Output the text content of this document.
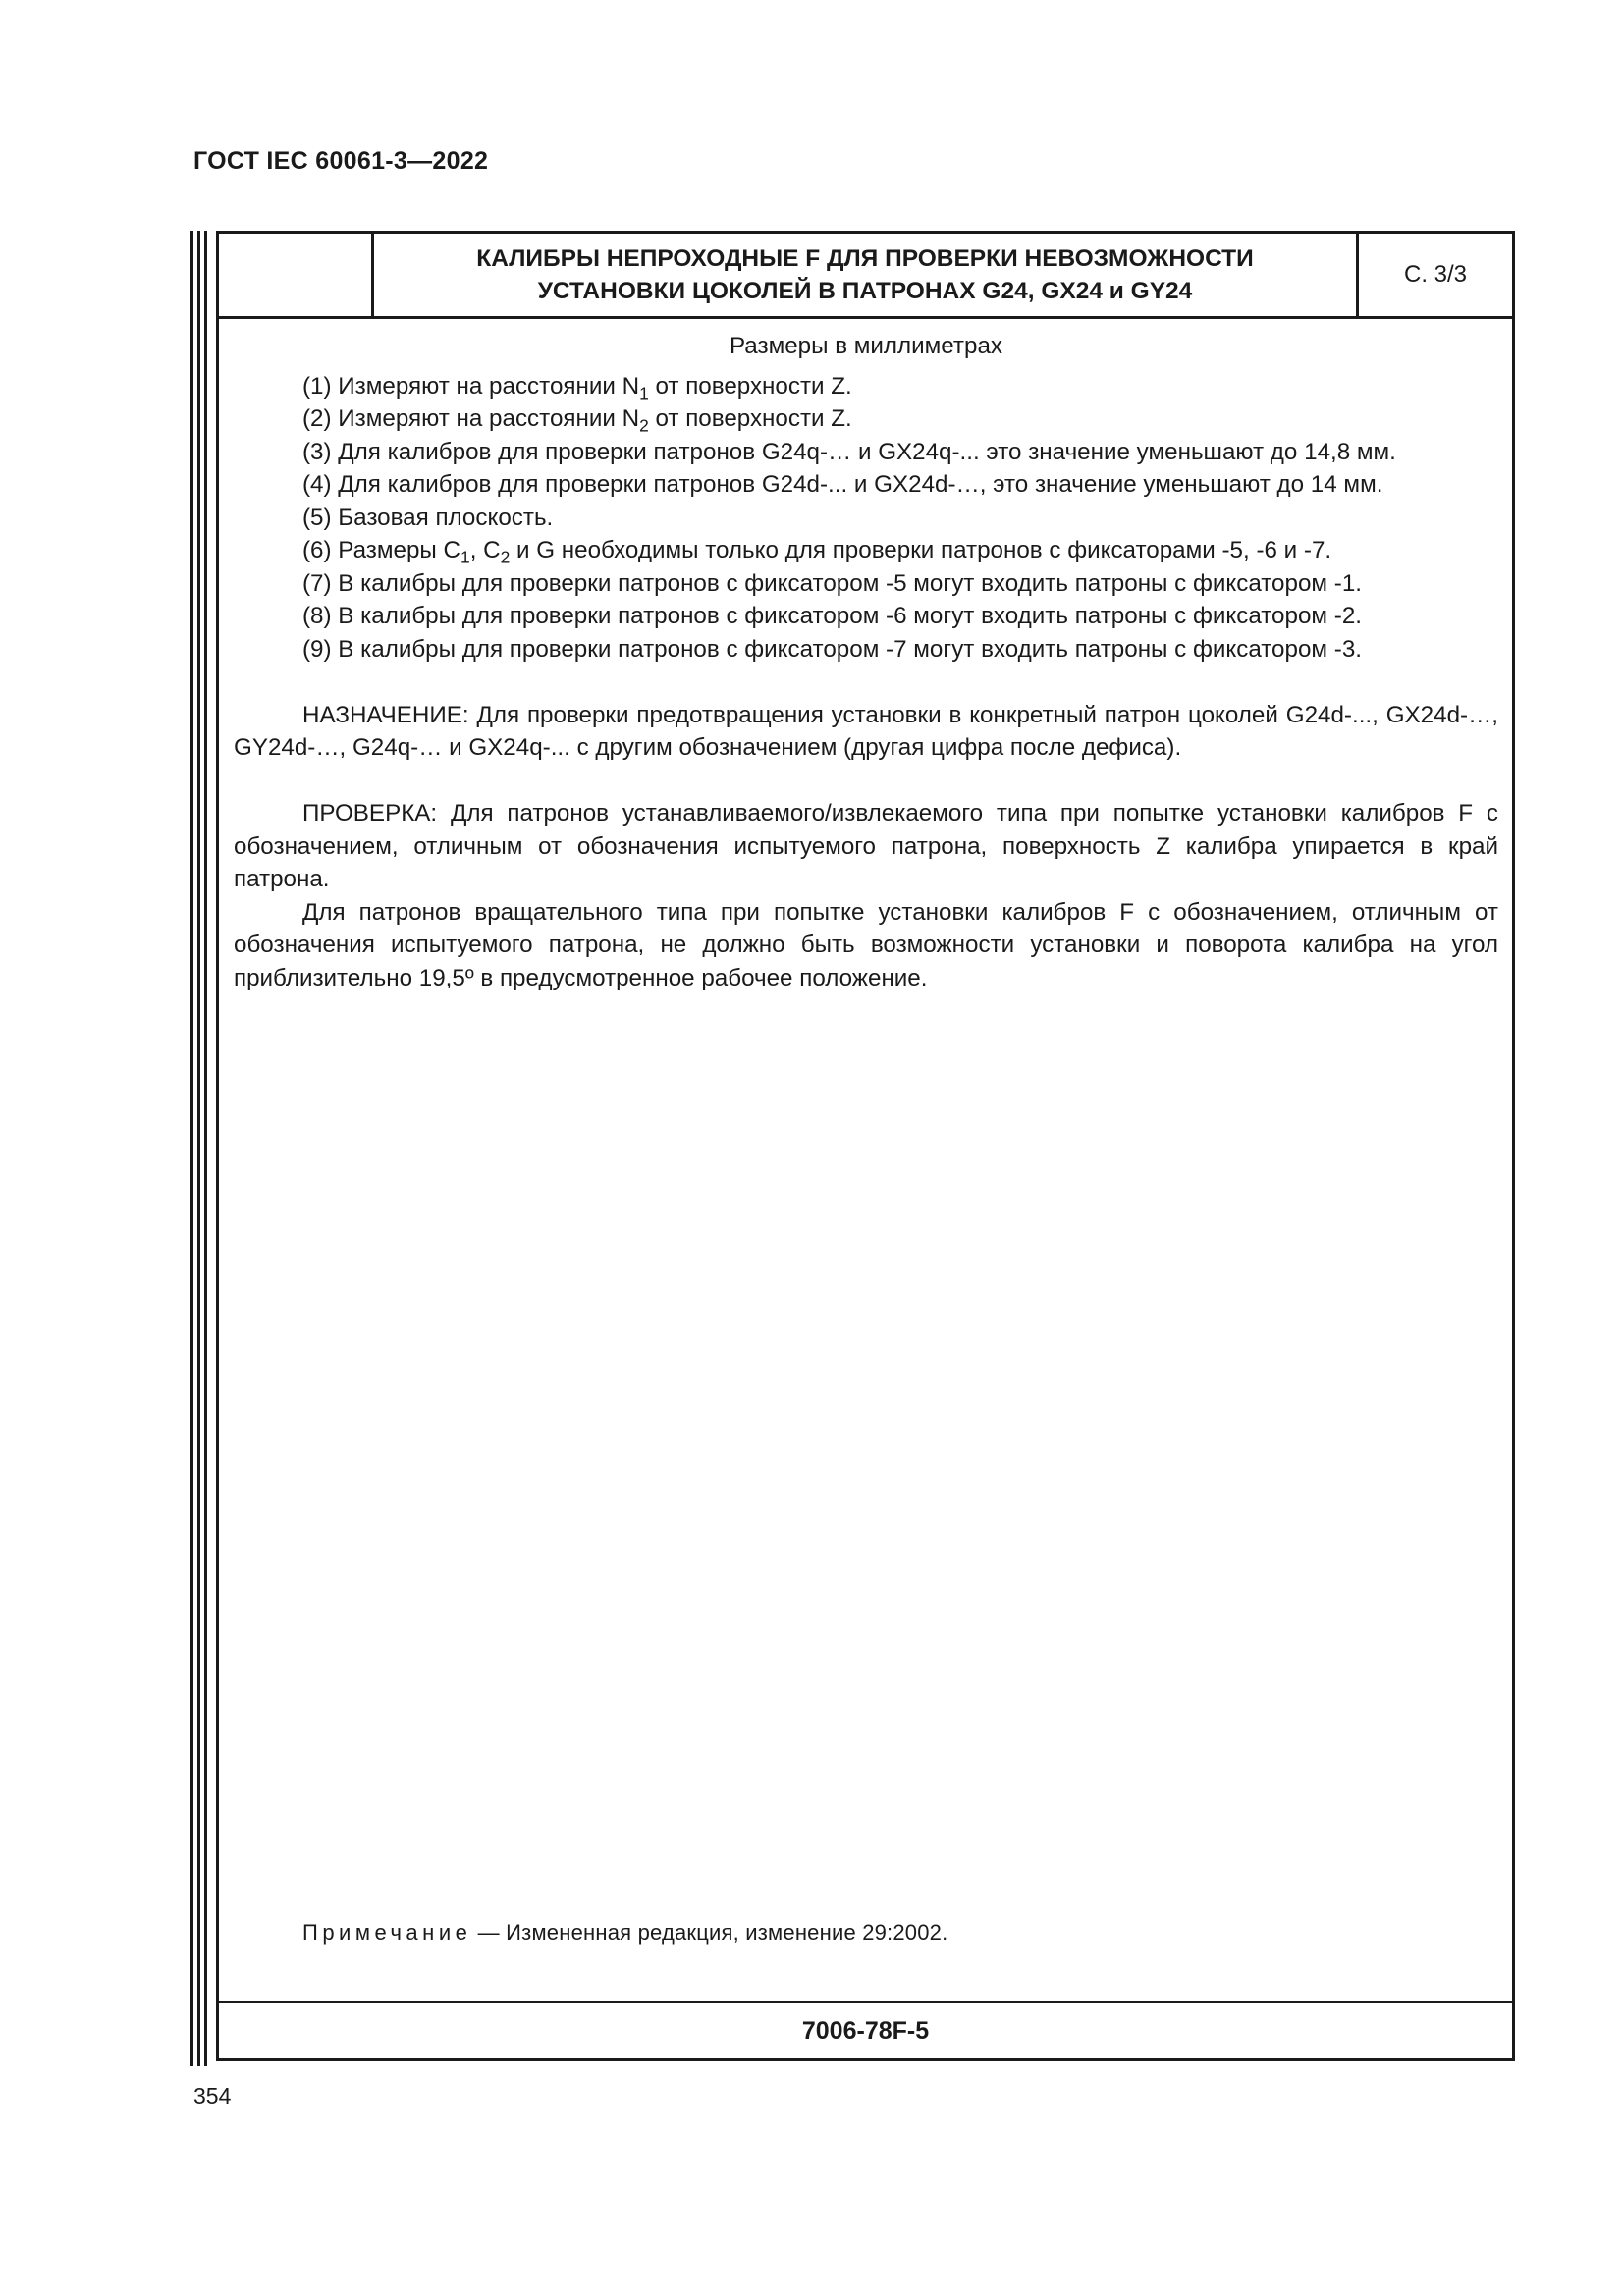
ГОСТ IEC 60061-3—2022
КАЛИБРЫ НЕПРОХОДНЫЕ F ДЛЯ ПРОВЕРКИ НЕВОЗМОЖНОСТИ
УСТАНОВКИ ЦОКОЛЕЙ В ПАТРОНАХ G24, GX24 и GY24
С. 3/3
Размеры в миллиметрах

(1) Измеряют на расстоянии $N_1$ от поверхности Z.

(2) Измеряют на расстоянии $N_2$ от поверхности Z.

(3) Для калибров для проверки патронов G24q-… и GX24q-... это значение уменьшают до 14,8 мм.

(4) Для калибров для проверки патронов G24d-... и GX24d-…, это значение уменьшают до 14 мм.

(5) Базовая плоскость.

(6) Размеры $C_1$, $C_2$ и G необходимы только для проверки патронов с фиксаторами -5, -6 и -7.

(7) В калибры для проверки патронов с фиксатором -5 могут входить патроны с фиксатором -1.

(8) В калибры для проверки патронов с фиксатором -6 могут входить патроны с фиксатором -2.

(9) В калибры для проверки патронов с фиксатором -7 могут входить патроны с фиксатором -3.

НАЗНАЧЕНИЕ: Для проверки предотвращения установки в конкретный патрон цоколей G24d-..., GX24d-…, GY24d-…, G24q-… и GX24q-... с другим обозначением (другая цифра после дефиса).

ПРОВЕРКА: Для патронов устанавливаемого/извлекаемого типа при попытке установки калибров F с обозначением, отличным от обозначения испытуемого патрона, поверхность Z калибра упирается в край патрона.

Для патронов вращательного типа при попытке установки калибров F с обозначением, отличным от обозначения испытуемого патрона, не должно быть возможности установки и поворота калибра на угол приблизительно 19,5º в предусмотренное рабочее положение.

Примечание — Измененная редакция, изменение 29:2002.
7006-78F-5
354
